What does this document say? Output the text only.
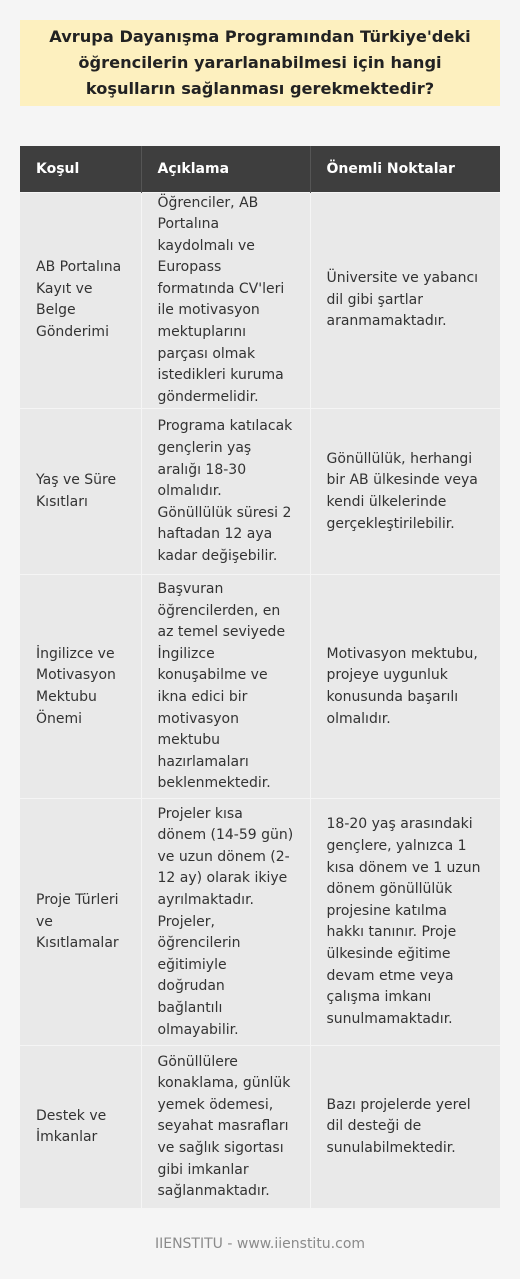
Avrupa Dayanışma Programından Türkiye'deki öğrencilerin yararlanabilmesi için hangi koşulların sağlanması gerekmektedir?
Koşul	Açıklama	Önemli Noktalar
AB Portalına Kayıt ve Belge Gönderimi	Öğrenciler, AB Portalına kaydolmalı ve Europass formatında CV'leri ile motivasyon mektuplarını parçası olmak istedikleri kuruma göndermelidir.	Üniversite ve yabancı dil gibi şartlar aranmamaktadır.
Yaş ve Süre Kısıtları	Programa katılacak gençlerin yaş aralığı 18-30 olmalıdır. Gönüllülük süresi 2 haftadan 12 aya kadar değişebilir.	Gönüllülük, herhangi bir AB ülkesinde veya kendi ülkelerinde gerçekleştirilebilir.
İngilizce ve Motivasyon Mektubu Önemi	Başvuran öğrencilerden, en az temel seviyede İngilizce konuşabilme ve ikna edici bir motivasyon mektubu hazırlamaları beklenmektedir.	Motivasyon mektubu, projeye uygunluk konusunda başarılı olmalıdır.
Proje Türleri ve Kısıtlamalar	Projeler kısa dönem (14-59 gün) ve uzun dönem (2-12 ay) olarak ikiye ayrılmaktadır. Projeler, öğrencilerin eğitimiyle doğrudan bağlantılı olmayabilir.	18-20 yaş arasındaki gençlere, yalnızca 1 kısa dönem ve 1 uzun dönem gönüllülük projesine katılma hakkı tanınır. Proje ülkesinde eğitime devam etme veya çalışma imkanı sunulmamaktadır.
Destek ve İmkanlar	Gönüllülere konaklama, günlük yemek ödemesi, seyahat masrafları ve sağlık sigortası gibi imkanlar sağlanmaktadır.	Bazı projelerde yerel dil desteği de sunulabilmektedir.
IIENSTITU - www.iienstitu.com
